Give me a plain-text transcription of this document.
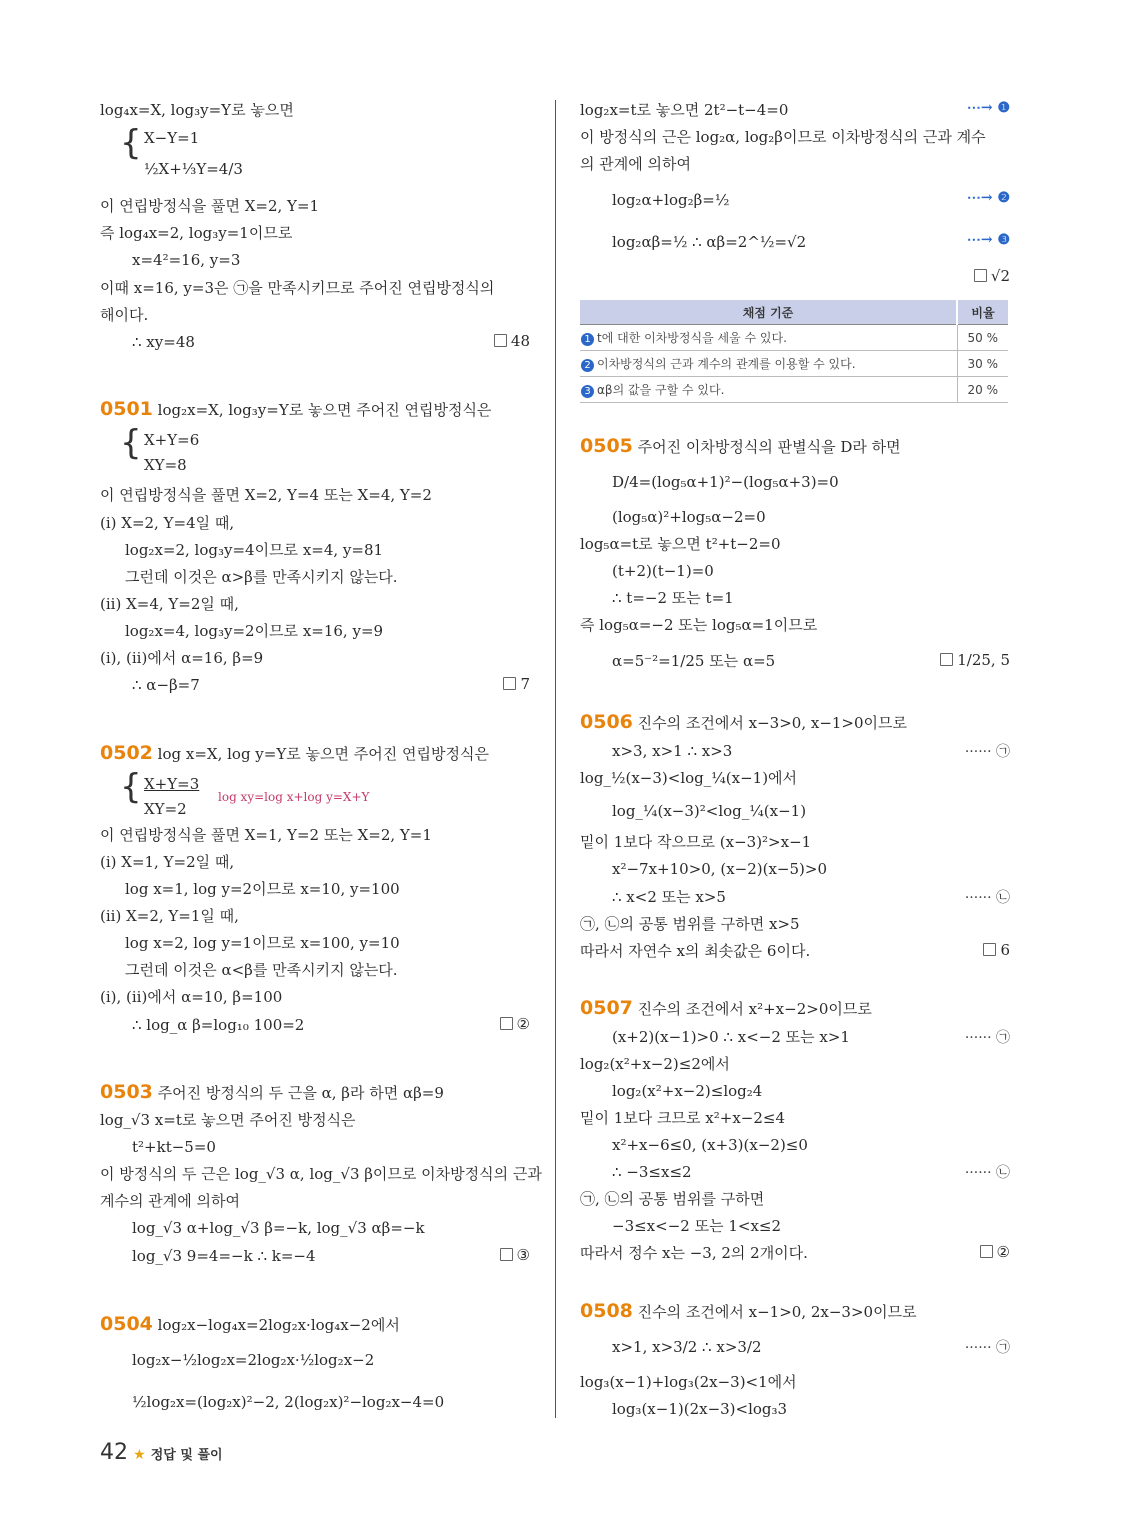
log₄x=X, log₃y=Y로 놓으면
{ X−Y=1
½X+⅓Y=4/3
이 연립방정식을 풀면 X=2, Y=1
즉 log₄x=2, log₃y=1이므로
x=4²=16, y=3
이때 x=16, y=3은 ㉠을 만족시키므로 주어진 연립방정식의
해이다.
∴ xy=48	48
0501 log₂x=X, log₃y=Y로 놓으면 주어진 연립방정식은
{ X+Y=6
XY=8
이 연립방정식을 풀면 X=2, Y=4 또는 X=4, Y=2
(i) X=2, Y=4일 때,
log₂x=2, log₃y=4이므로 x=4, y=81
그런데 이것은 α>β를 만족시키지 않는다.
(ii) X=4, Y=2일 때,
log₂x=4, log₃y=2이므로 x=16, y=9
(i), (ii)에서 α=16, β=9
∴ α−β=7	7
0502 log x=X, log y=Y로 놓으면 주어진 연립방정식은
{ X+Y=3
XY=2
log xy=log x+log y=X+Y
이 연립방정식을 풀면 X=1, Y=2 또는 X=2, Y=1
(i) X=1, Y=2일 때,
log x=1, log y=2이므로 x=10, y=100
(ii) X=2, Y=1일 때,
log x=2, log y=1이므로 x=100, y=10
그런데 이것은 α<β를 만족시키지 않는다.
(i), (ii)에서 α=10, β=100
∴ log_α β=log₁₀ 100=2	②
0503 주어진 방정식의 두 근을 α, β라 하면 αβ=9
log_√3 x=t로 놓으면 주어진 방정식은
t²+kt−5=0
이 방정식의 두 근은 log_√3 α, log_√3 β이므로 이차방정식의 근과
계수의 관계에 의하여
log_√3 α+log_√3 β=−k, log_√3 αβ=−k
log_√3 9=4=−k ∴ k=−4	③
0504 log₂x−log₄x=2log₂x·log₄x−2에서
log₂x−½log₂x=2log₂x·½log₂x−2
½log₂x=(log₂x)²−2, 2(log₂x)²−log₂x−4=0
log₂x=t로 놓으면 2t²−t−4=0	⋯→ ❶
이 방정식의 근은 log₂α, log₂β이므로 이차방정식의 근과 계수
의 관계에 의하여
log₂α+log₂β=½	⋯→ ❷
log₂αβ=½ ∴ αβ=2^½=√2	⋯→ ❸
√2
채점 기준	비율
1 t에 대한 이차방정식을 세울 수 있다.	50 %
2 이차방정식의 근과 계수의 관계를 이용할 수 있다.	30 %
3 αβ의 값을 구할 수 있다.	20 %
0505 주어진 이차방정식의 판별식을 D라 하면
D/4=(log₅α+1)²−(log₅α+3)=0
(log₅α)²+log₅α−2=0
log₅α=t로 놓으면 t²+t−2=0
(t+2)(t−1)=0
∴ t=−2 또는 t=1
즉 log₅α=−2 또는 log₅α=1이므로
α=5⁻²=1/25 또는 α=5	1/25, 5
0506 진수의 조건에서 x−3>0, x−1>0이므로
x>3, x>1 ∴ x>3	······ ㉠
log_½(x−3)<log_¼(x−1)에서
log_¼(x−3)²<log_¼(x−1)
밑이 1보다 작으므로 (x−3)²>x−1
x²−7x+10>0, (x−2)(x−5)>0
∴ x<2 또는 x>5	······ ㉡
㉠, ㉡의 공통 범위를 구하면 x>5
따라서 자연수 x의 최솟값은 6이다.	6
0507 진수의 조건에서 x²+x−2>0이므로
(x+2)(x−1)>0 ∴ x<−2 또는 x>1	······ ㉠
log₂(x²+x−2)≤2에서
log₂(x²+x−2)≤log₂4
밑이 1보다 크므로 x²+x−2≤4
x²+x−6≤0, (x+3)(x−2)≤0
∴ −3≤x≤2	······ ㉡
㉠, ㉡의 공통 범위를 구하면
−3≤x<−2 또는 1<x≤2
따라서 정수 x는 −3, 2의 2개이다.	②
0508 진수의 조건에서 x−1>0, 2x−3>0이므로
x>1, x>3/2 ∴ x>3/2	······ ㉠
log₃(x−1)+log₃(2x−3)<1에서
log₃(x−1)(2x−3)<log₃3
42 ★ 정답 및 풀이
